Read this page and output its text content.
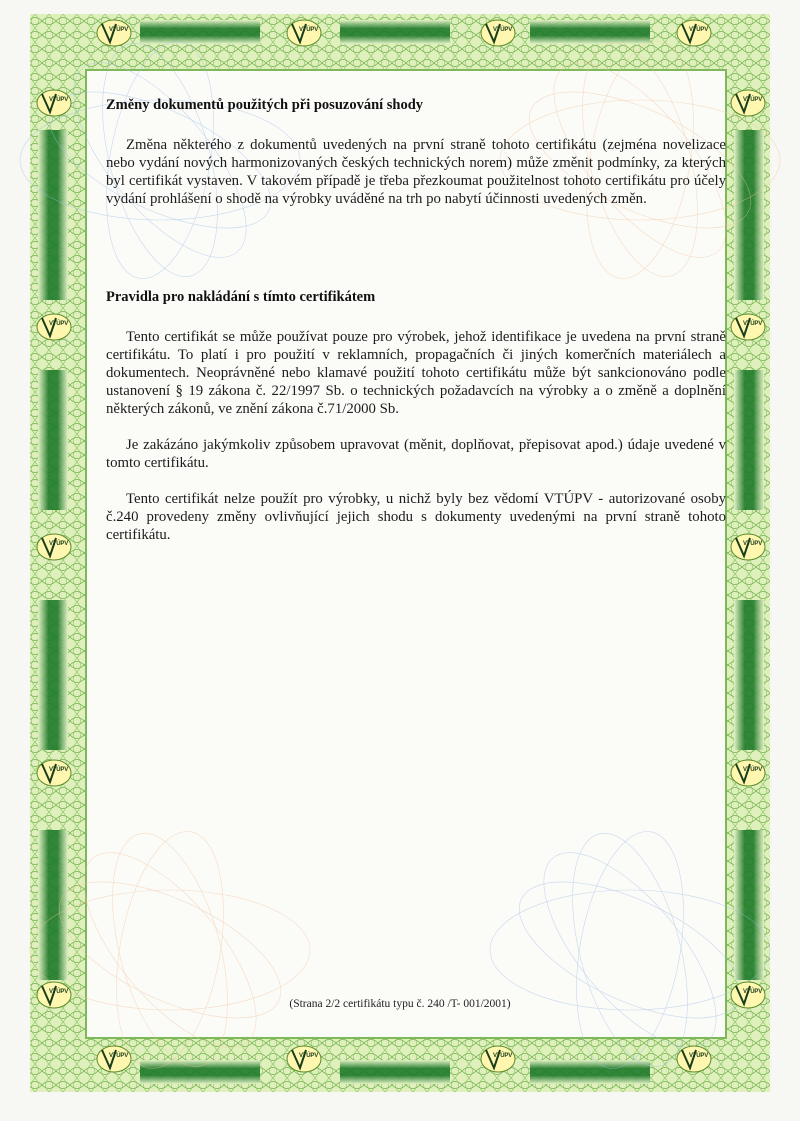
VTÚPV	VTÚPV	VTÚPV	VTÚPV
VTÚPV
VTÚPV
VTÚPV
VTÚPV
VTÚPV
VTÚPV
VTÚPV
VTÚPV
VTÚPV
VTÚPV
VTÚPV	VTÚPV	VTÚPV	VTÚPV
Změny dokumentů použitých při posuzování shody

Změna některého z dokumentů uvedených na první straně tohoto certifikátu (zejména novelizace nebo vydání nových harmonizovaných českých technických norem) může změnit podmínky, za kterých byl certifikát vystaven. V takovém případě je třeba přezkoumat použitelnost tohoto certifikátu pro účely vydání prohlášení o shodě na výrobky uváděné na trh po nabytí účinnosti uvedených změn.

Pravidla pro nakládání s tímto certifikátem

Tento certifikát se může používat pouze pro výrobek, jehož identifikace je uvedena na první straně certifikátu. To platí i pro použití v reklamních, propagačních či jiných komerčních materiálech a dokumentech. Neoprávněné nebo klamavé použití tohoto certifikátu může být sankcionováno podle ustanovení § 19 zákona č. 22/1997 Sb. o technických požadavcích na výrobky a o změně a doplnění některých zákonů, ve znění zákona č.71/2000 Sb.

Je zakázáno jakýmkoliv způsobem upravovat (měnit, doplňovat, přepisovat apod.) údaje uvedené v tomto certifikátu.

Tento certifikát nelze použít pro výrobky, u nichž byly bez vědomí VTÚPV - autorizované osoby č.240 provedeny změny ovlivňující jejich shodu s dokumenty uvedenými na první straně tohoto certifikátu.

(Strana 2/2 certifikátu typu č. 240 /T- 001/2001)
